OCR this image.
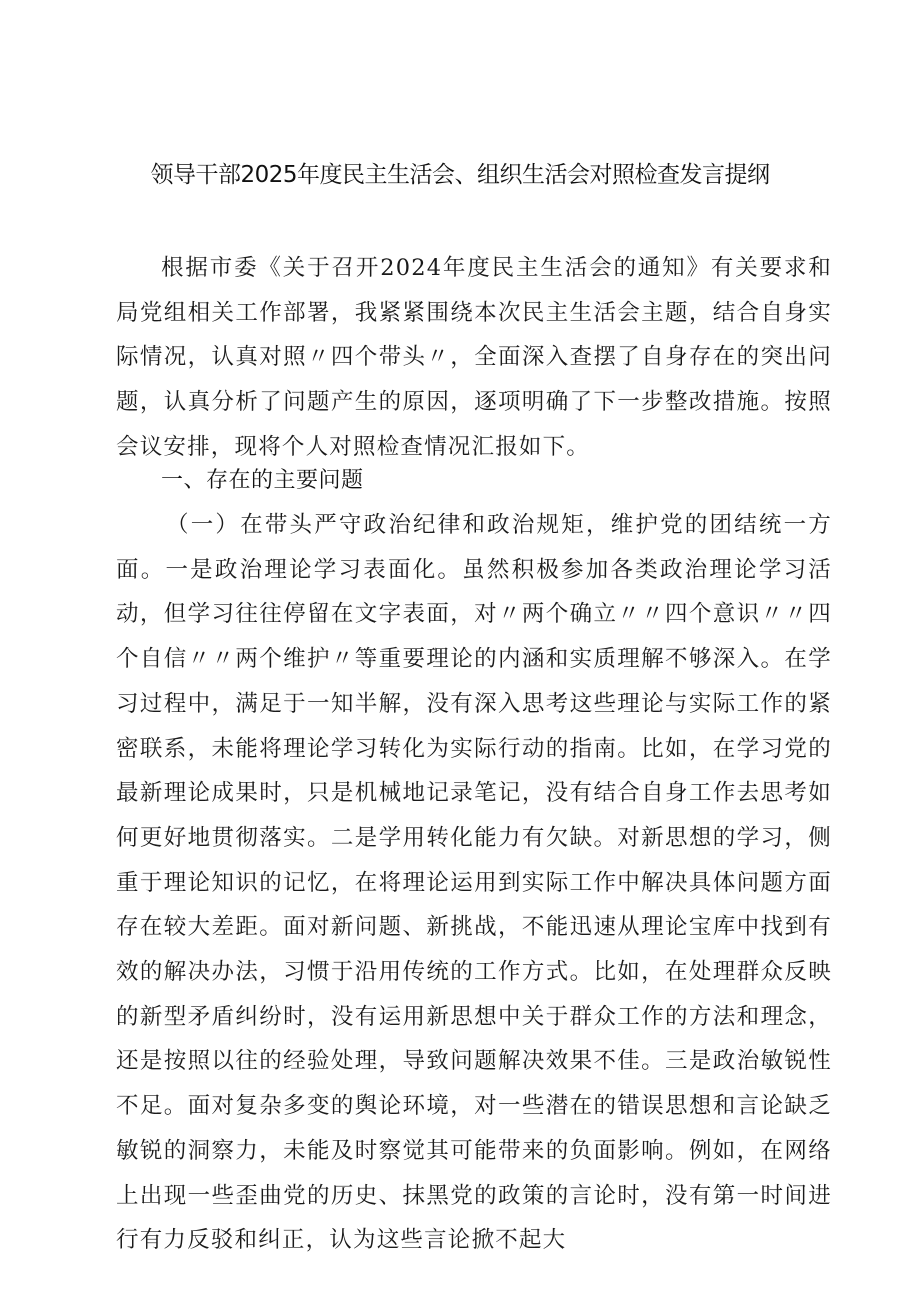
领导干部2025年度民主生活会、组织生活会对照检查发言提纲

根据市委《关于召开2024年度民主生活会的通知》有关要求和局党组相关工作部署，我紧紧围绕本次民主生活会主题，结合自身实际情况，认真对照〃四个带头〃，全面深入查摆了自身存在的突出问题，认真分析了问题产生的原因，逐项明确了下一步整改措施。按照会议安排，现将个人对照检查情况汇报如下。

一、存在的主要问题

（一）在带头严守政治纪律和政治规矩，维护党的团结统一方面。一是政治理论学习表面化。虽然积极参加各类政治理论学习活动，但学习往往停留在文字表面，对〃两个确立〃〃四个意识〃〃四个自信〃〃两个维护〃等重要理论的内涵和实质理解不够深入。在学习过程中，满足于一知半解，没有深入思考这些理论与实际工作的紧密联系，未能将理论学习转化为实际行动的指南。比如，在学习党的最新理论成果时，只是机械地记录笔记，没有结合自身工作去思考如何更好地贯彻落实。二是学用转化能力有欠缺。对新思想的学习，侧重于理论知识的记忆，在将理论运用到实际工作中解决具体问题方面存在较大差距。面对新问题、新挑战，不能迅速从理论宝库中找到有效的解决办法，习惯于沿用传统的工作方式。比如，在处理群众反映的新型矛盾纠纷时，没有运用新思想中关于群众工作的方法和理念，还是按照以往的经验处理，导致问题解决效果不佳。三是政治敏锐性不足。面对复杂多变的舆论环境，对一些潜在的错误思想和言论缺乏敏锐的洞察力，未能及时察觉其可能带来的负面影响。例如，在网络上出现一些歪曲党的历史、抹黑党的政策的言论时，没有第一时间进行有力反驳和纠正，认为这些言论掀不起大
